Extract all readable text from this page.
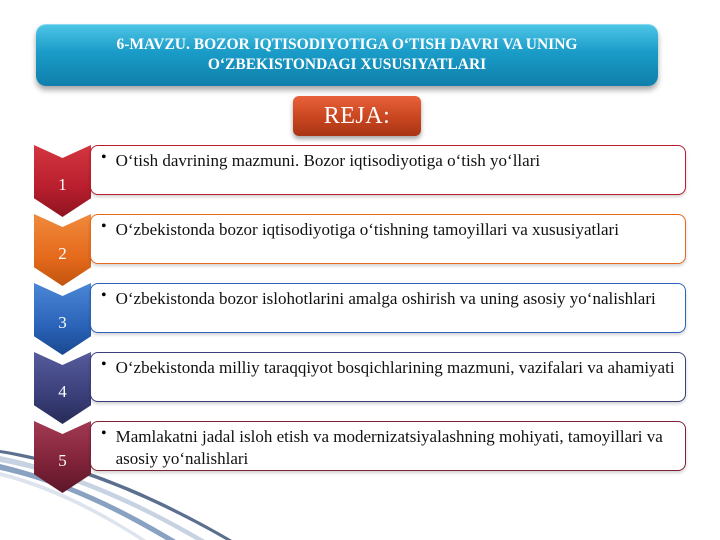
6-MAVZU. BOZOR IQTISODIYOTIGA O‘TISH DAVRI VA UNING O‘ZBEKISTONDAGI XUSUSIYATLARI
REJA:
1
• O‘tish davrining mazmuni. Bozor iqtisodiyotiga o‘tish yo‘llari
2
• O‘zbekistonda bozor iqtisodiyotiga o‘tishning tamoyillari va xususiyatlari
3
• O‘zbekistonda bozor islohotlarini amalga oshirish va uning asosiy yo‘nalishlari
4
• O‘zbekistonda milliy taraqqiyot bosqichlarining mazmuni, vazifalari va ahamiyati
5
• Mamlakatni jadal isloh etish va modernizatsiyalashning mohiyati, tamoyillari va asosiy yo‘nalishlari
